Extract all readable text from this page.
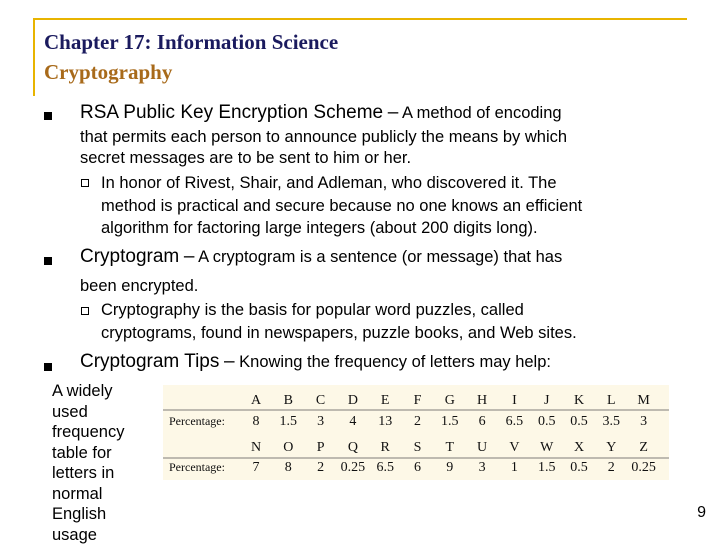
Chapter 17: Information Science
Cryptography
RSA Public Key Encryption Scheme – A method of encoding
that permits each person to announce publicly the means by which
secret messages are to be sent to him or her.
In honor of Rivest, Shair, and Adleman, who discovered it. The
method is practical and secure because no one knows an efficient
algorithm for factoring large integers (about 200 digits long).
Cryptogram – A cryptogram is a sentence (or message) that has
been encrypted.
Cryptography is the basis for popular word puzzles, called
cryptograms, found in newspapers, puzzle books, and Web sites.
Cryptogram Tips – Knowing the frequency of letters may help:
A widely
used
frequency
table for
letters in
normal
English
usage
Percentage:
Percentage:
A B C D E F G H I J K L M
8 1.5 3 4 13 2 1.5 6 6.5 0.5 0.5 3.5 3
N O P Q R S T U V W X Y Z
7 8 2 0.25 6.5 6 9 3 1 1.5 0.5 2 0.25
9
